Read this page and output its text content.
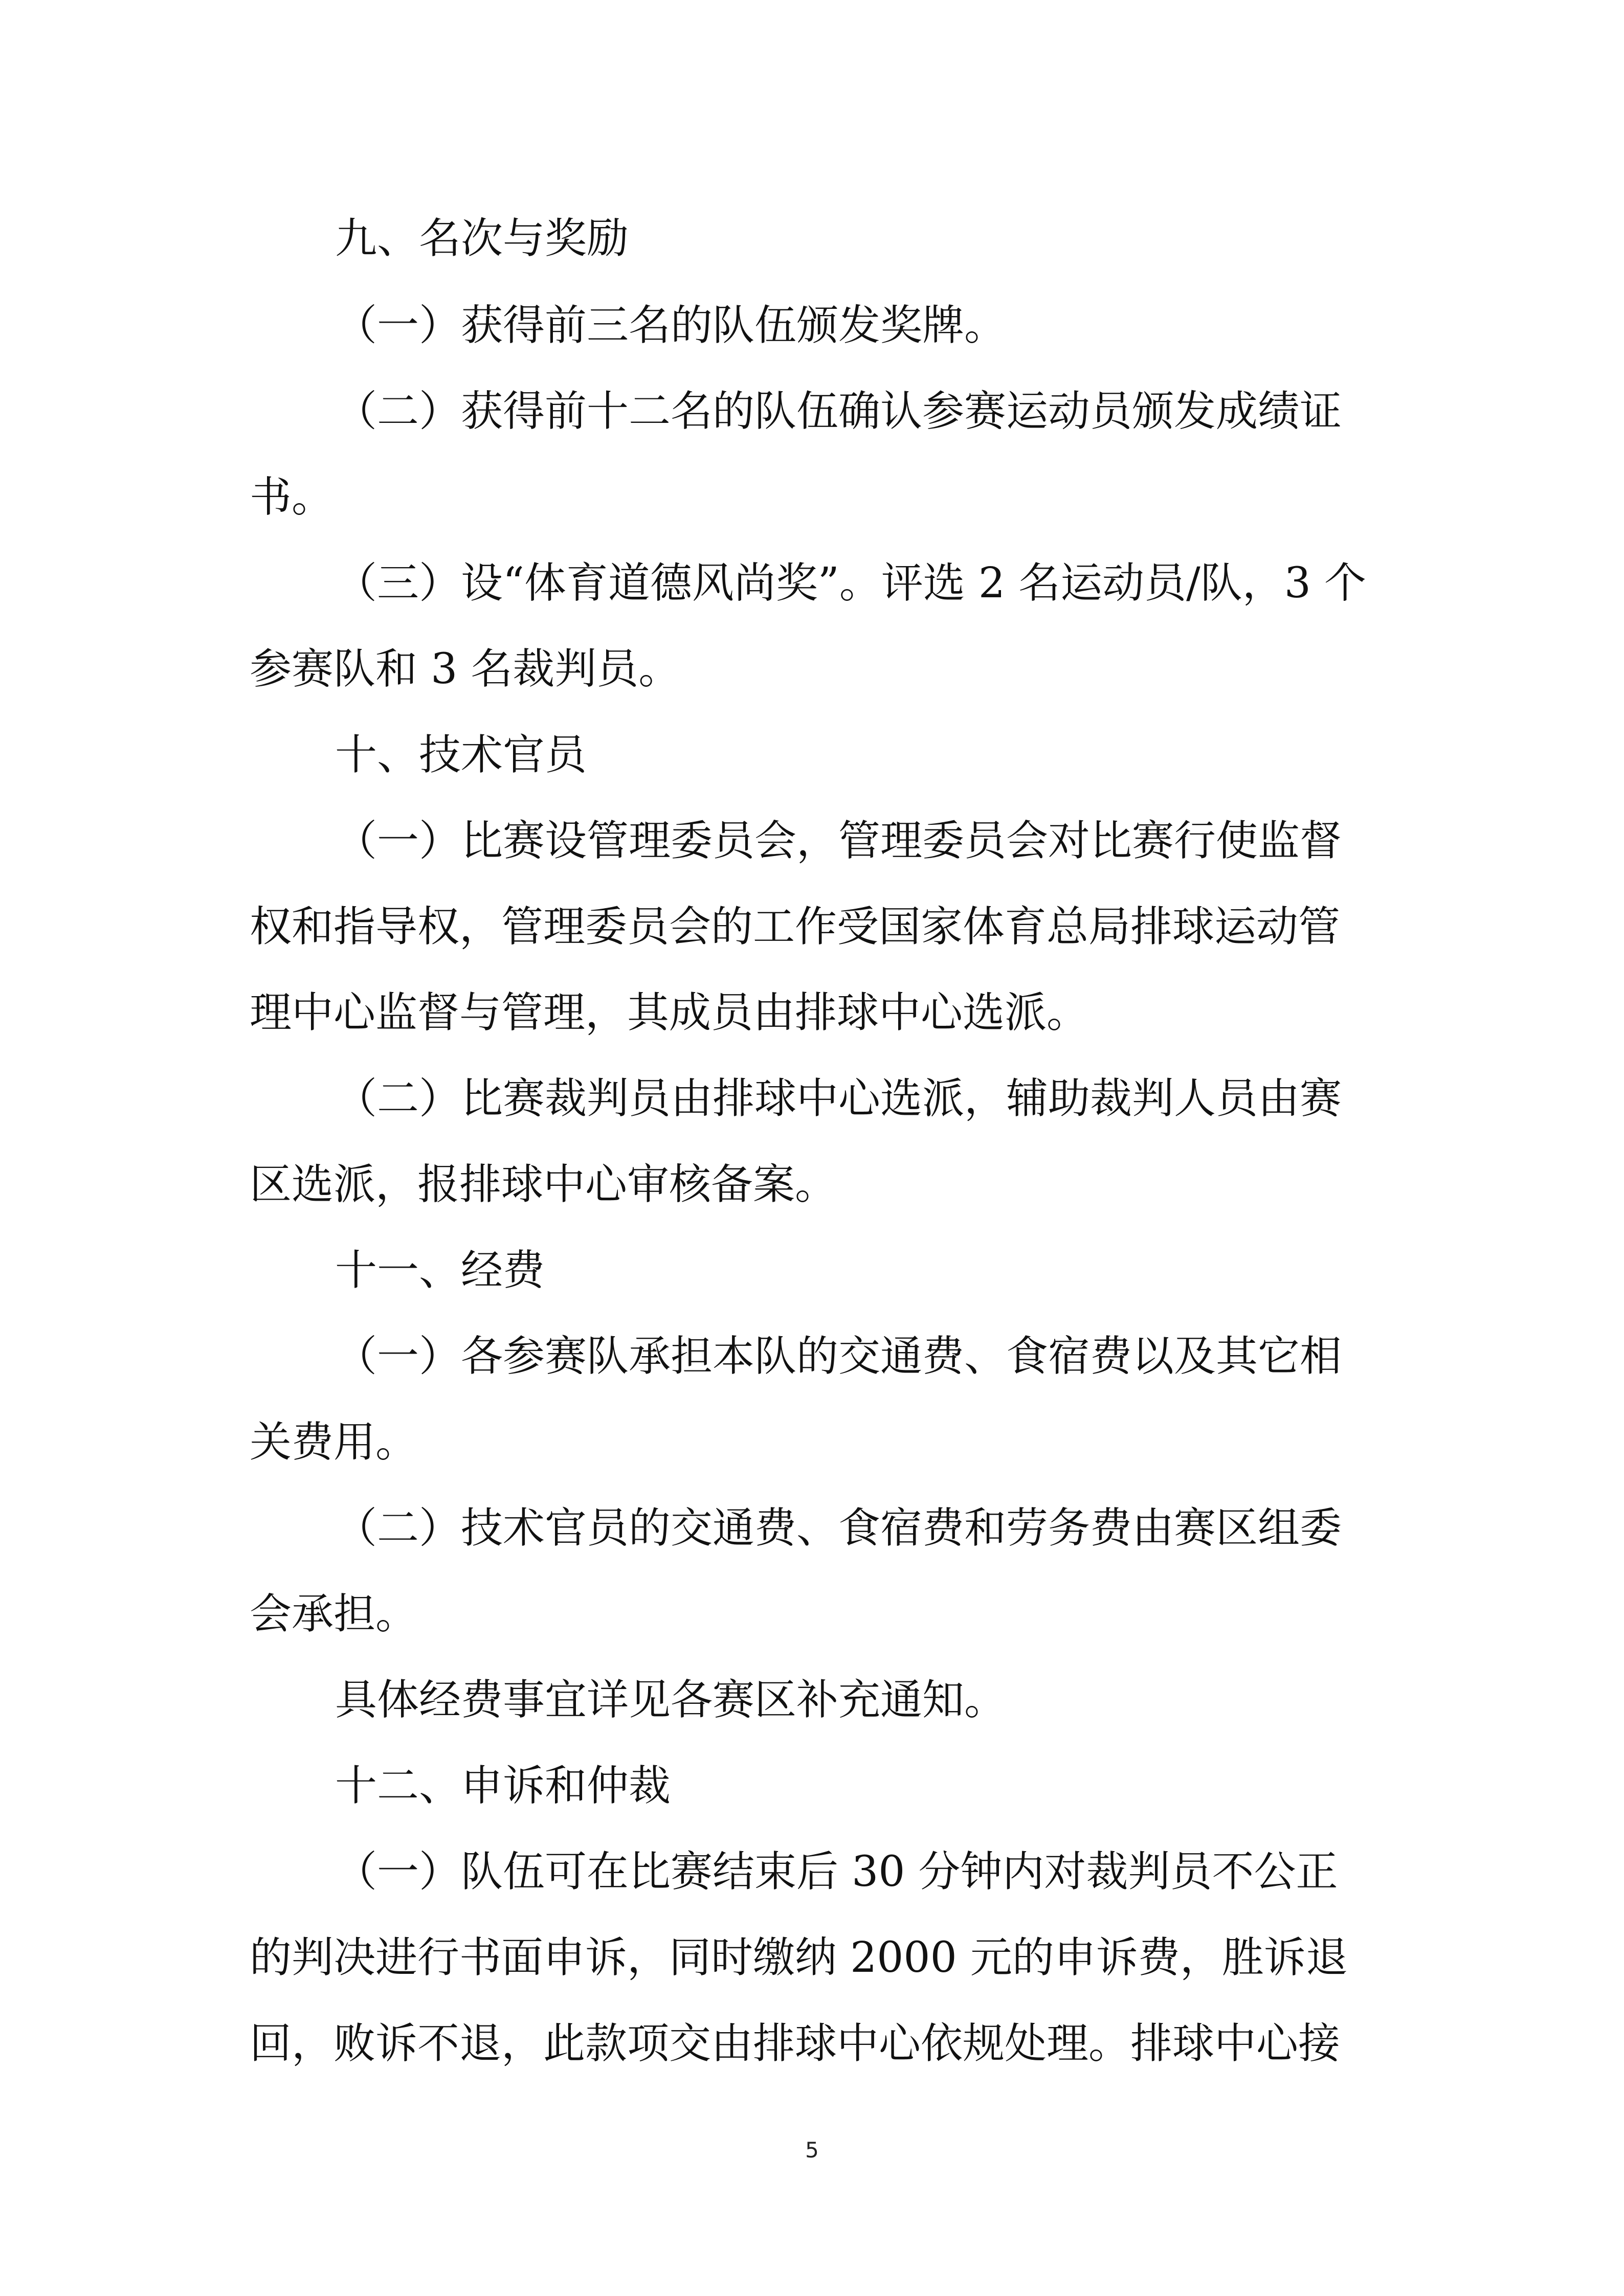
九、名次与奖励
（一）获得前三名的队伍颁发奖牌。
（二）获得前十二名的队伍确认参赛运动员颁发成绩证
书。
（三）设“体育道德风尚奖”。评选 2 名运动员/队，3 个
参赛队和 3 名裁判员。
十、技术官员
（一）比赛设管理委员会，管理委员会对比赛行使监督
权和指导权，管理委员会的工作受国家体育总局排球运动管
理中心监督与管理，其成员由排球中心选派。
（二）比赛裁判员由排球中心选派，辅助裁判人员由赛
区选派，报排球中心审核备案。
十一、经费
（一）各参赛队承担本队的交通费、食宿费以及其它相
关费用。
（二）技术官员的交通费、食宿费和劳务费由赛区组委
会承担。
具体经费事宜详见各赛区补充通知。
十二、申诉和仲裁
（一）队伍可在比赛结束后 30 分钟内对裁判员不公正
的判决进行书面申诉，同时缴纳 2000 元的申诉费，胜诉退
回，败诉不退，此款项交由排球中心依规处理。排球中心接
5
